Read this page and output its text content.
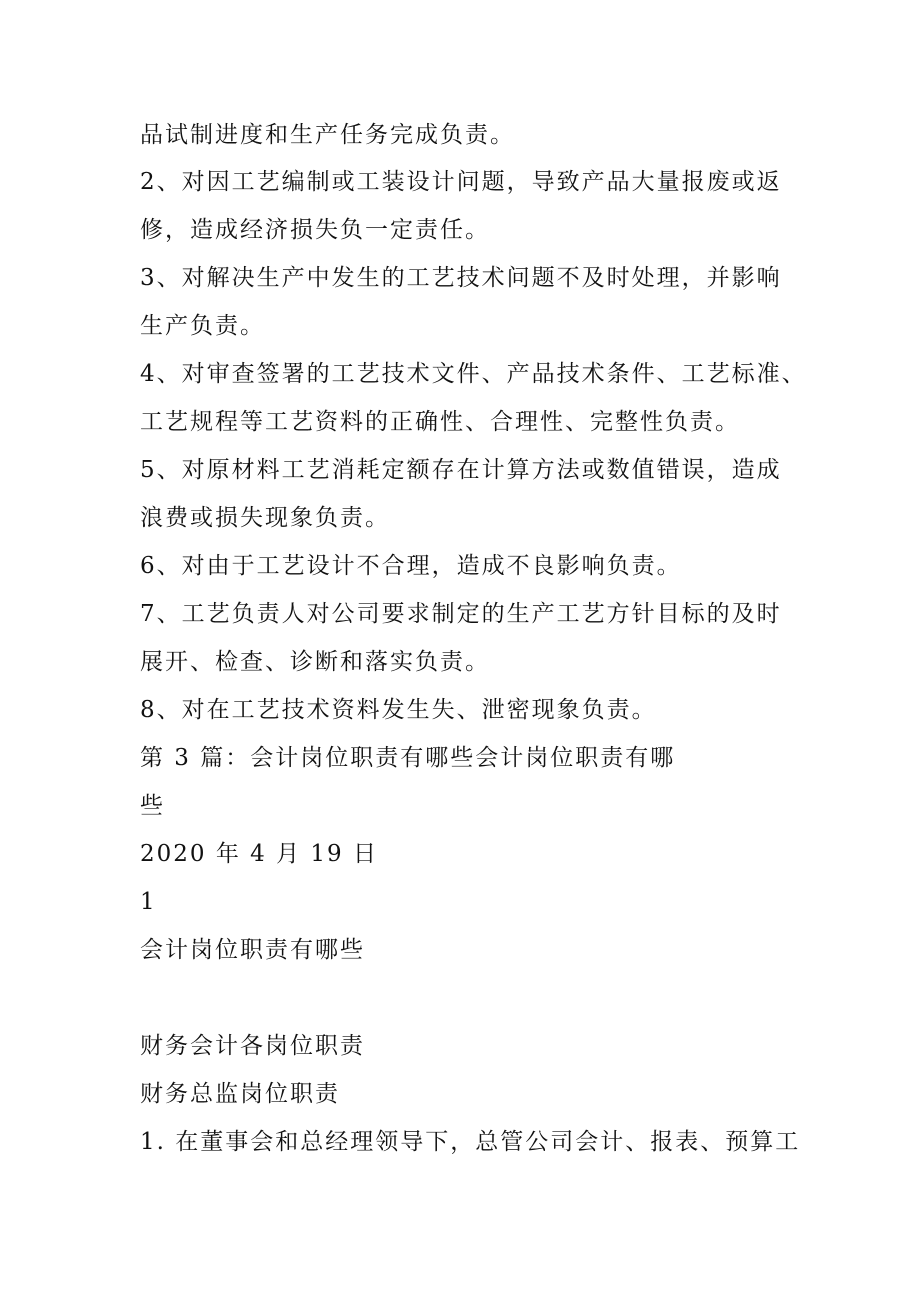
品试制进度和生产任务完成负责。
2、对因工艺编制或工装设计问题，导致产品大量报废或返
修，造成经济损失负一定责任。
3、对解决生产中发生的工艺技术问题不及时处理，并影响
生产负责。
4、对审查签署的工艺技术文件、产品技术条件、工艺标准、
工艺规程等工艺资料的正确性、合理性、完整性负责。
5、对原材料工艺消耗定额存在计算方法或数值错误，造成
浪费或损失现象负责。
6、对由于工艺设计不合理，造成不良影响负责。
7、工艺负责人对公司要求制定的生产工艺方针目标的及时
展开、检查、诊断和落实负责。
8、对在工艺技术资料发生失、泄密现象负责。
第 3 篇：会计岗位职责有哪些会计岗位职责有哪
些
2020 年 4 月 19 日
1
会计岗位职责有哪些
财务会计各岗位职责
财务总监岗位职责
1. 在董事会和总经理领导下，总管公司会计、报表、预算工
